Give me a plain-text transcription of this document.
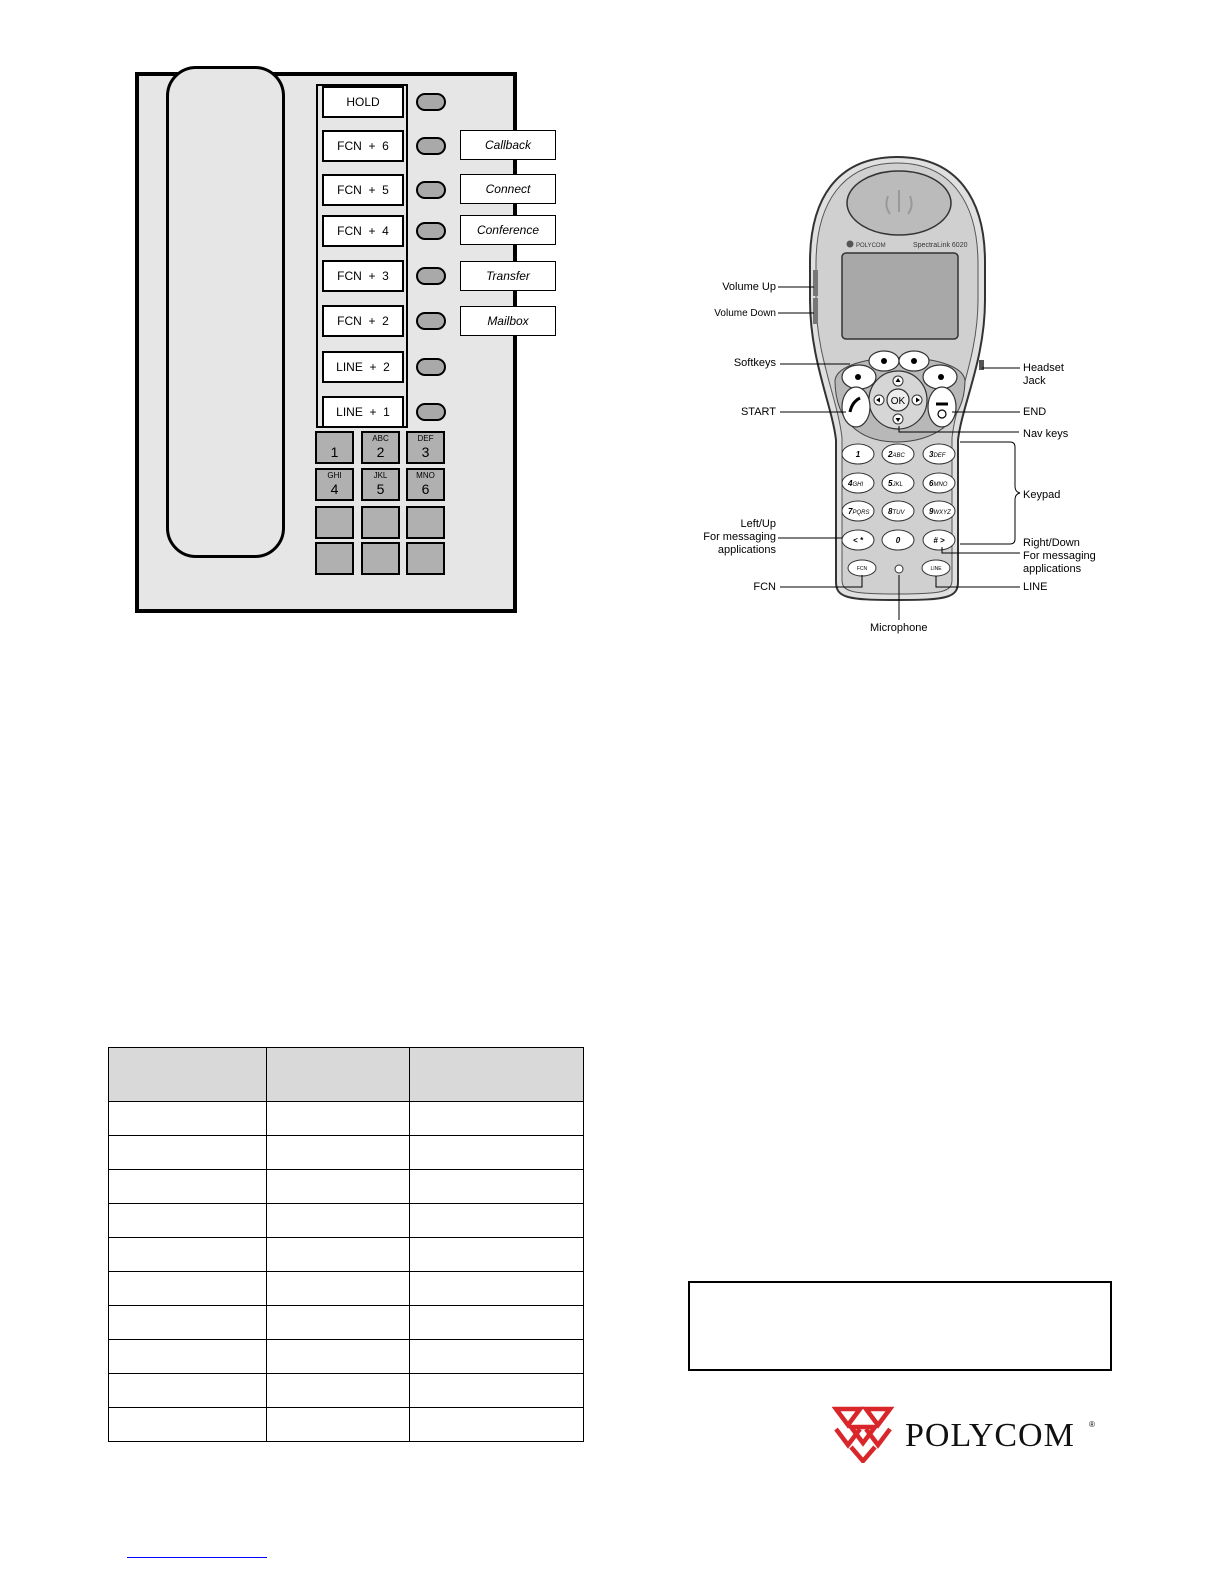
HOLD
FCN  +  6
FCN  +  5
FCN  +  4
FCN  +  3
FCN  +  2
LINE  +  2
LINE  +  1
Callback
Connect
Conference
Transfer
Mailbox
1
ABC
2
DEF
3
GHI
4
JKL
5
MNO
6
POLYCOM	SpectraLink 6020
OK
1	2ABC	3DEF
4GHI	5JKL	6MNO
7PQRS 8TUV	9WXYZ
< *	0	# >
FCN	LINE
Volume Up
Volume Down
Softkeys
START
Left/Up
For messaging
applications
FCN
Microphone
Headset
Jack
END
Nav keys
Keypad
Right/Down
For messaging
applications
LINE

POLYCOM ®
